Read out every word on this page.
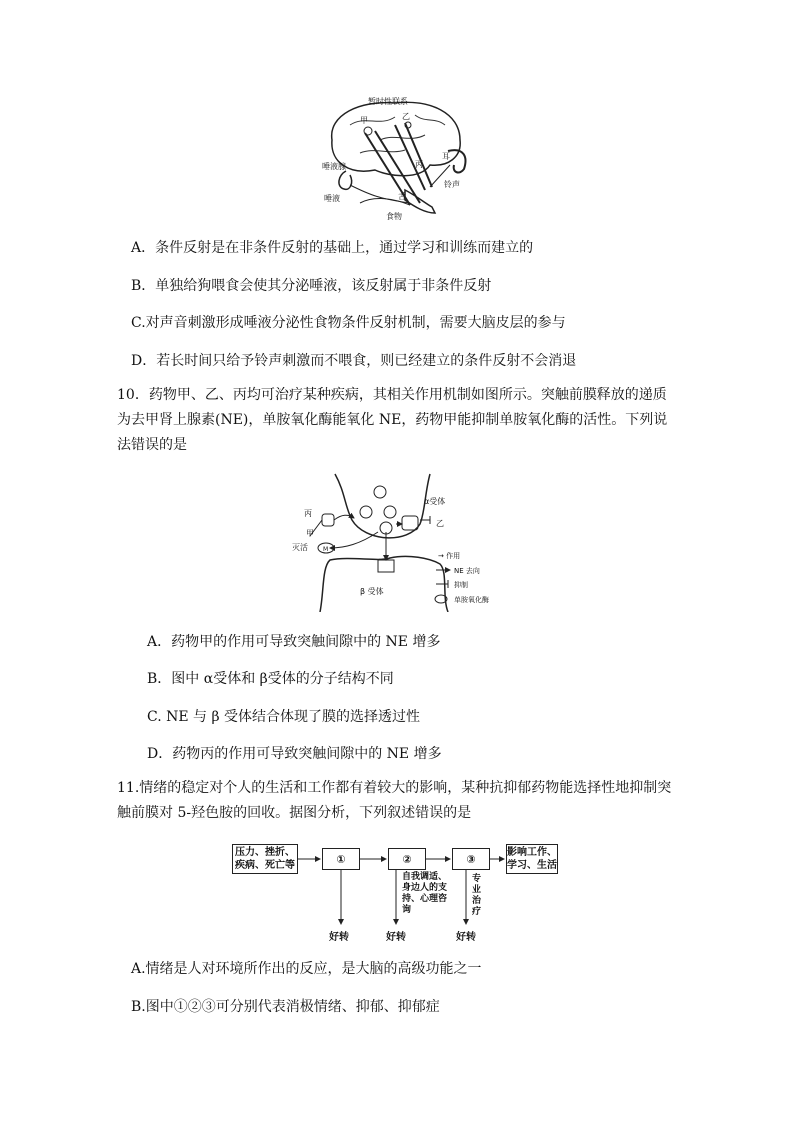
暂时性联系
甲	乙
丙
耳
唾液腺
唾液	舌
食物
铃声
A．条件反射是在非条件反射的基础上，通过学习和训练而建立的
B．单独给狗喂食会使其分泌唾液，该反射属于非条件反射
C.对声音刺激形成唾液分泌性食物条件反射机制，需要大脑皮层的参与
D．若长时间只给予铃声刺激而不喂食，则已经建立的条件反射不会消退
10．药物甲、乙、丙均可治疗某种疾病，其相关作用机制如图所示。突触前膜释放的递质为去甲肾上腺素(NE)，单胺氧化酶能氧化 NE，药物甲能抑制单胺氧化酶的活性。下列说法错误的是
M
α受体
乙
丙
甲
灭活
β 受体
→ 作用
NE 去向
抑制
单胺氧化酶
A．药物甲的作用可导致突触间隙中的 NE 增多
B．图中 α受体和 β受体的分子结构不同
C. NE 与 β 受体结合体现了膜的选择透过性
D．药物丙的作用可导致突触间隙中的 NE 增多
11.情绪的稳定对个人的生活和工作都有着较大的影响，某种抗抑郁药物能选择性地抑制突触前膜对 5-羟色胺的回收。据图分析，下列叙述错误的是
压力、挫折、疾病、死亡等	①	②	③	影响工作、学习、生活
自我调适、身边人的支持、心理咨询
专业治疗
好转	好转	好转
A.情绪是人对环境所作出的反应，是大脑的高级功能之一
B.图中①②③可分别代表消极情绪、抑郁、抑郁症
